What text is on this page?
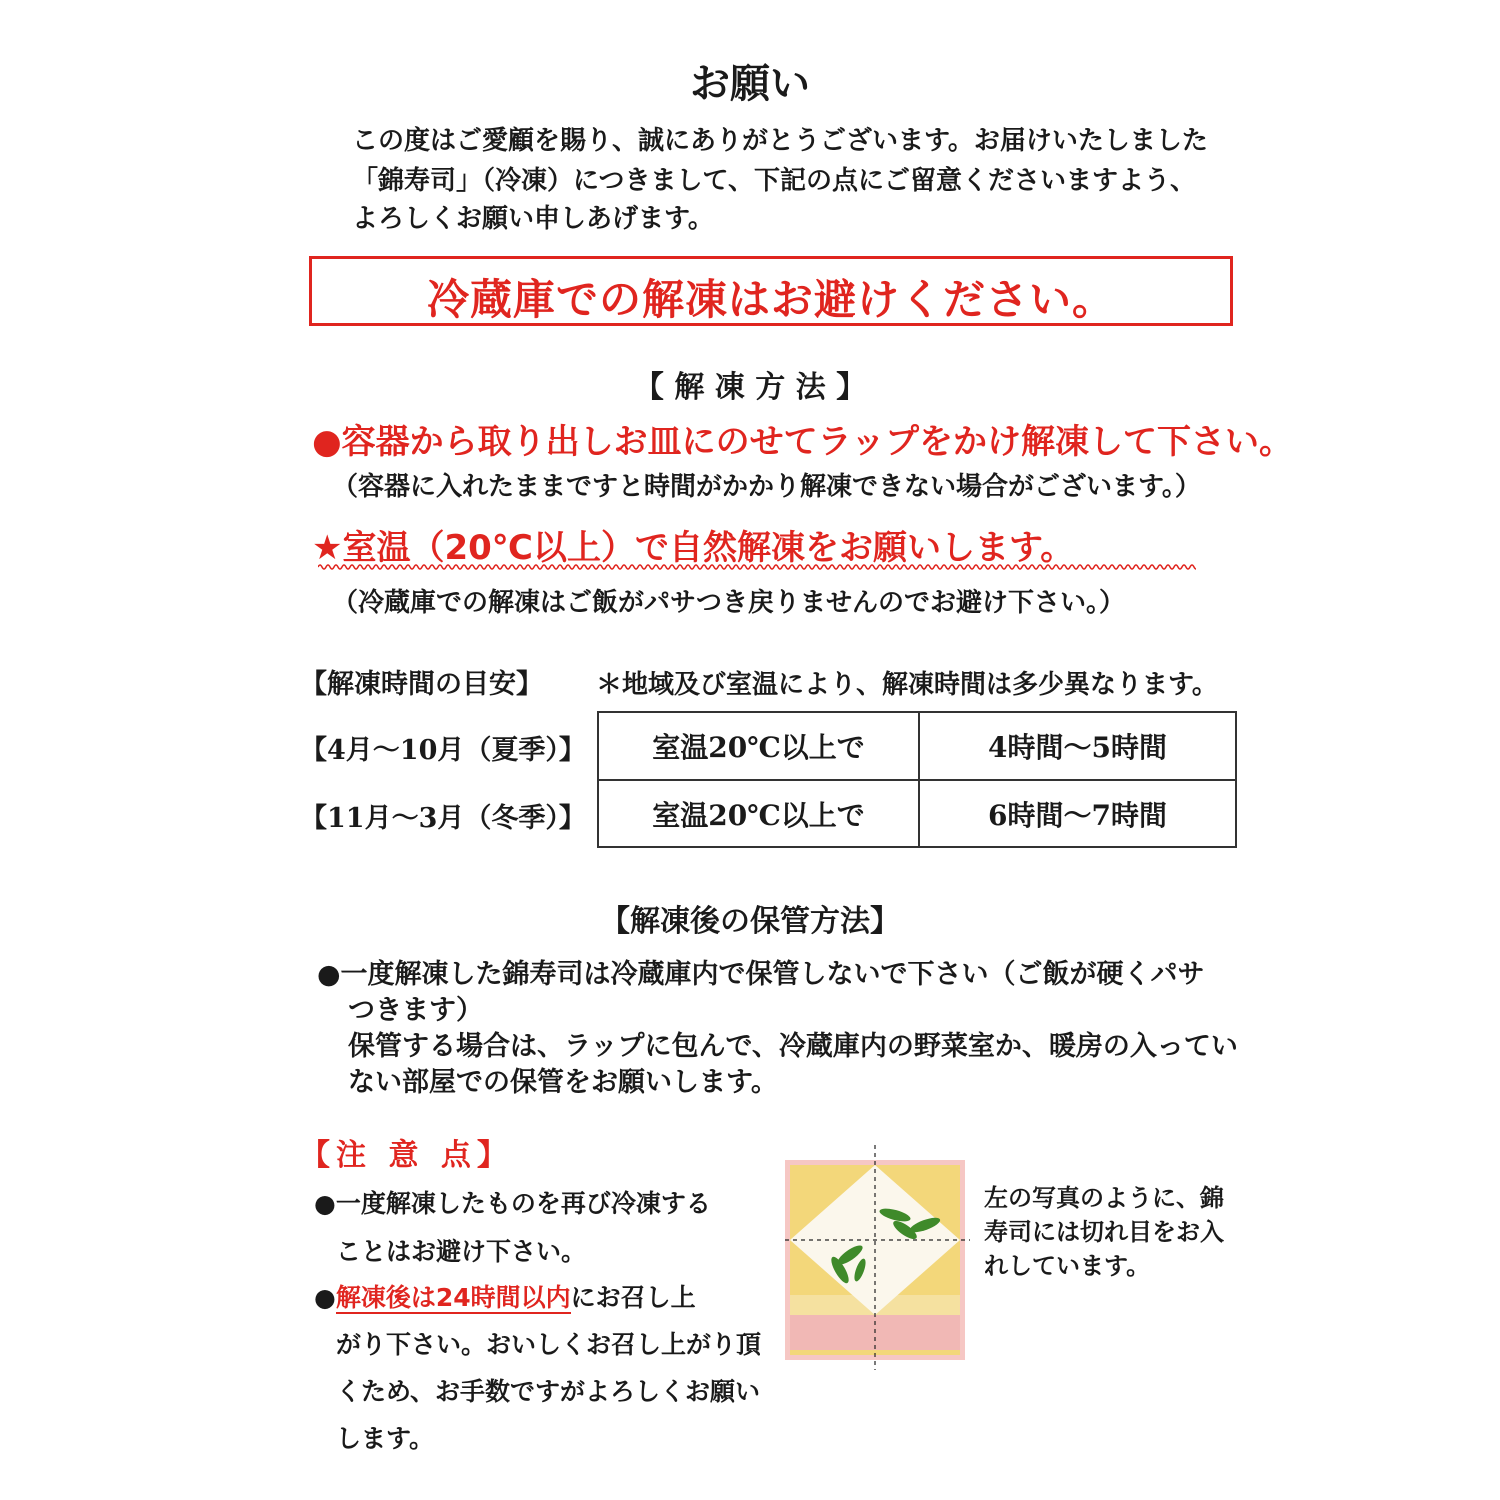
お願い
この度はご愛顧を賜り、誠にありがとうございます。お届けいたしました
「錦寿司」（冷凍）につきまして、下記の点にご留意くださいますよう、
よろしくお願い申しあげます。
冷蔵庫での解凍はお避けください。
【 解 凍 方 法 】
●容器から取り出しお皿にのせてラップをかけ解凍して下さい。
（容器に入れたままですと時間がかかり解凍できない場合がございます。）
★室温（20℃以上）で自然解凍をお願いします。
（冷蔵庫での解凍はご飯がパサつき戻りませんのでお避け下さい。）
【解凍時間の目安】 ＊地域及び室温により、解凍時間は多少異なります。
【4月〜10月（夏季）】
【11月〜3月（冬季）】
室温20℃以上で	4時間〜5時間
室温20℃以上で	6時間〜7時間
【解凍後の保管方法】
●一度解凍した錦寿司は冷蔵庫内で保管しないで下さい（ご飯が硬くパサ
つきます）
保管する場合は、ラップに包んで、冷蔵庫内の野菜室か、暖房の入ってい
ない部屋での保管をお願いします。
【注 意 点】
●一度解凍したものを再び冷凍する
ことはお避け下さい。
●解凍後は24時間以内にお召し上
がり下さい。おいしくお召し上がり頂
くため、お手数ですがよろしくお願い
します。
左の写真のように、錦
寿司には切れ目をお入
れしています。
